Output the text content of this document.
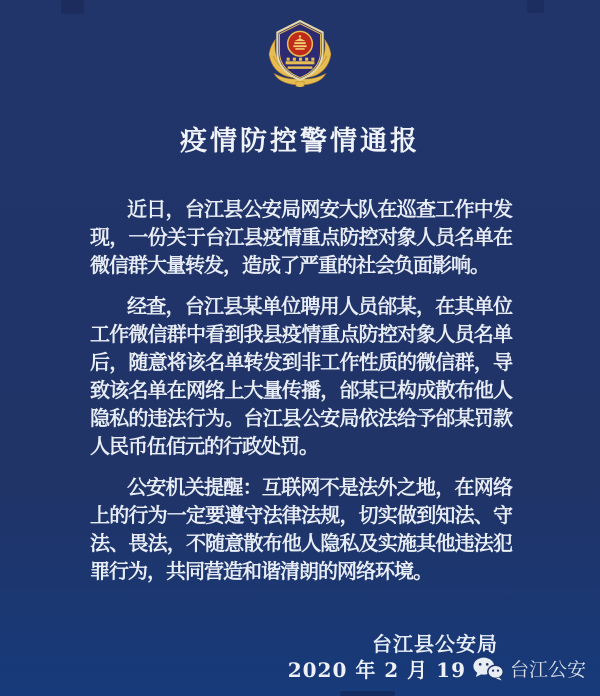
疫情防控警情通报

近日，台江县公安局网安大队在巡查工作中发现，一份关于台江县疫情重点防控对象人员名单在微信群大量转发，造成了严重的社会负面影响。

经查，台江县某单位聘用人员邰某，在其单位工作微信群中看到我县疫情重点防控对象人员名单后，随意将该名单转发到非工作性质的微信群，导致该名单在网络上大量传播，邰某已构成散布他人隐私的违法行为。台江县公安局依法给予邰某罚款人民币伍佰元的行政处罚。

公安机关提醒：互联网不是法外之地，在网络上的行为一定要遵守法律法规，切实做到知法、守法、畏法，不随意散布他人隐私及实施其他违法犯罪行为，共同营造和谐清朗的网络环境。

台江县公安局
2020 年 2 月 19 台江公安
